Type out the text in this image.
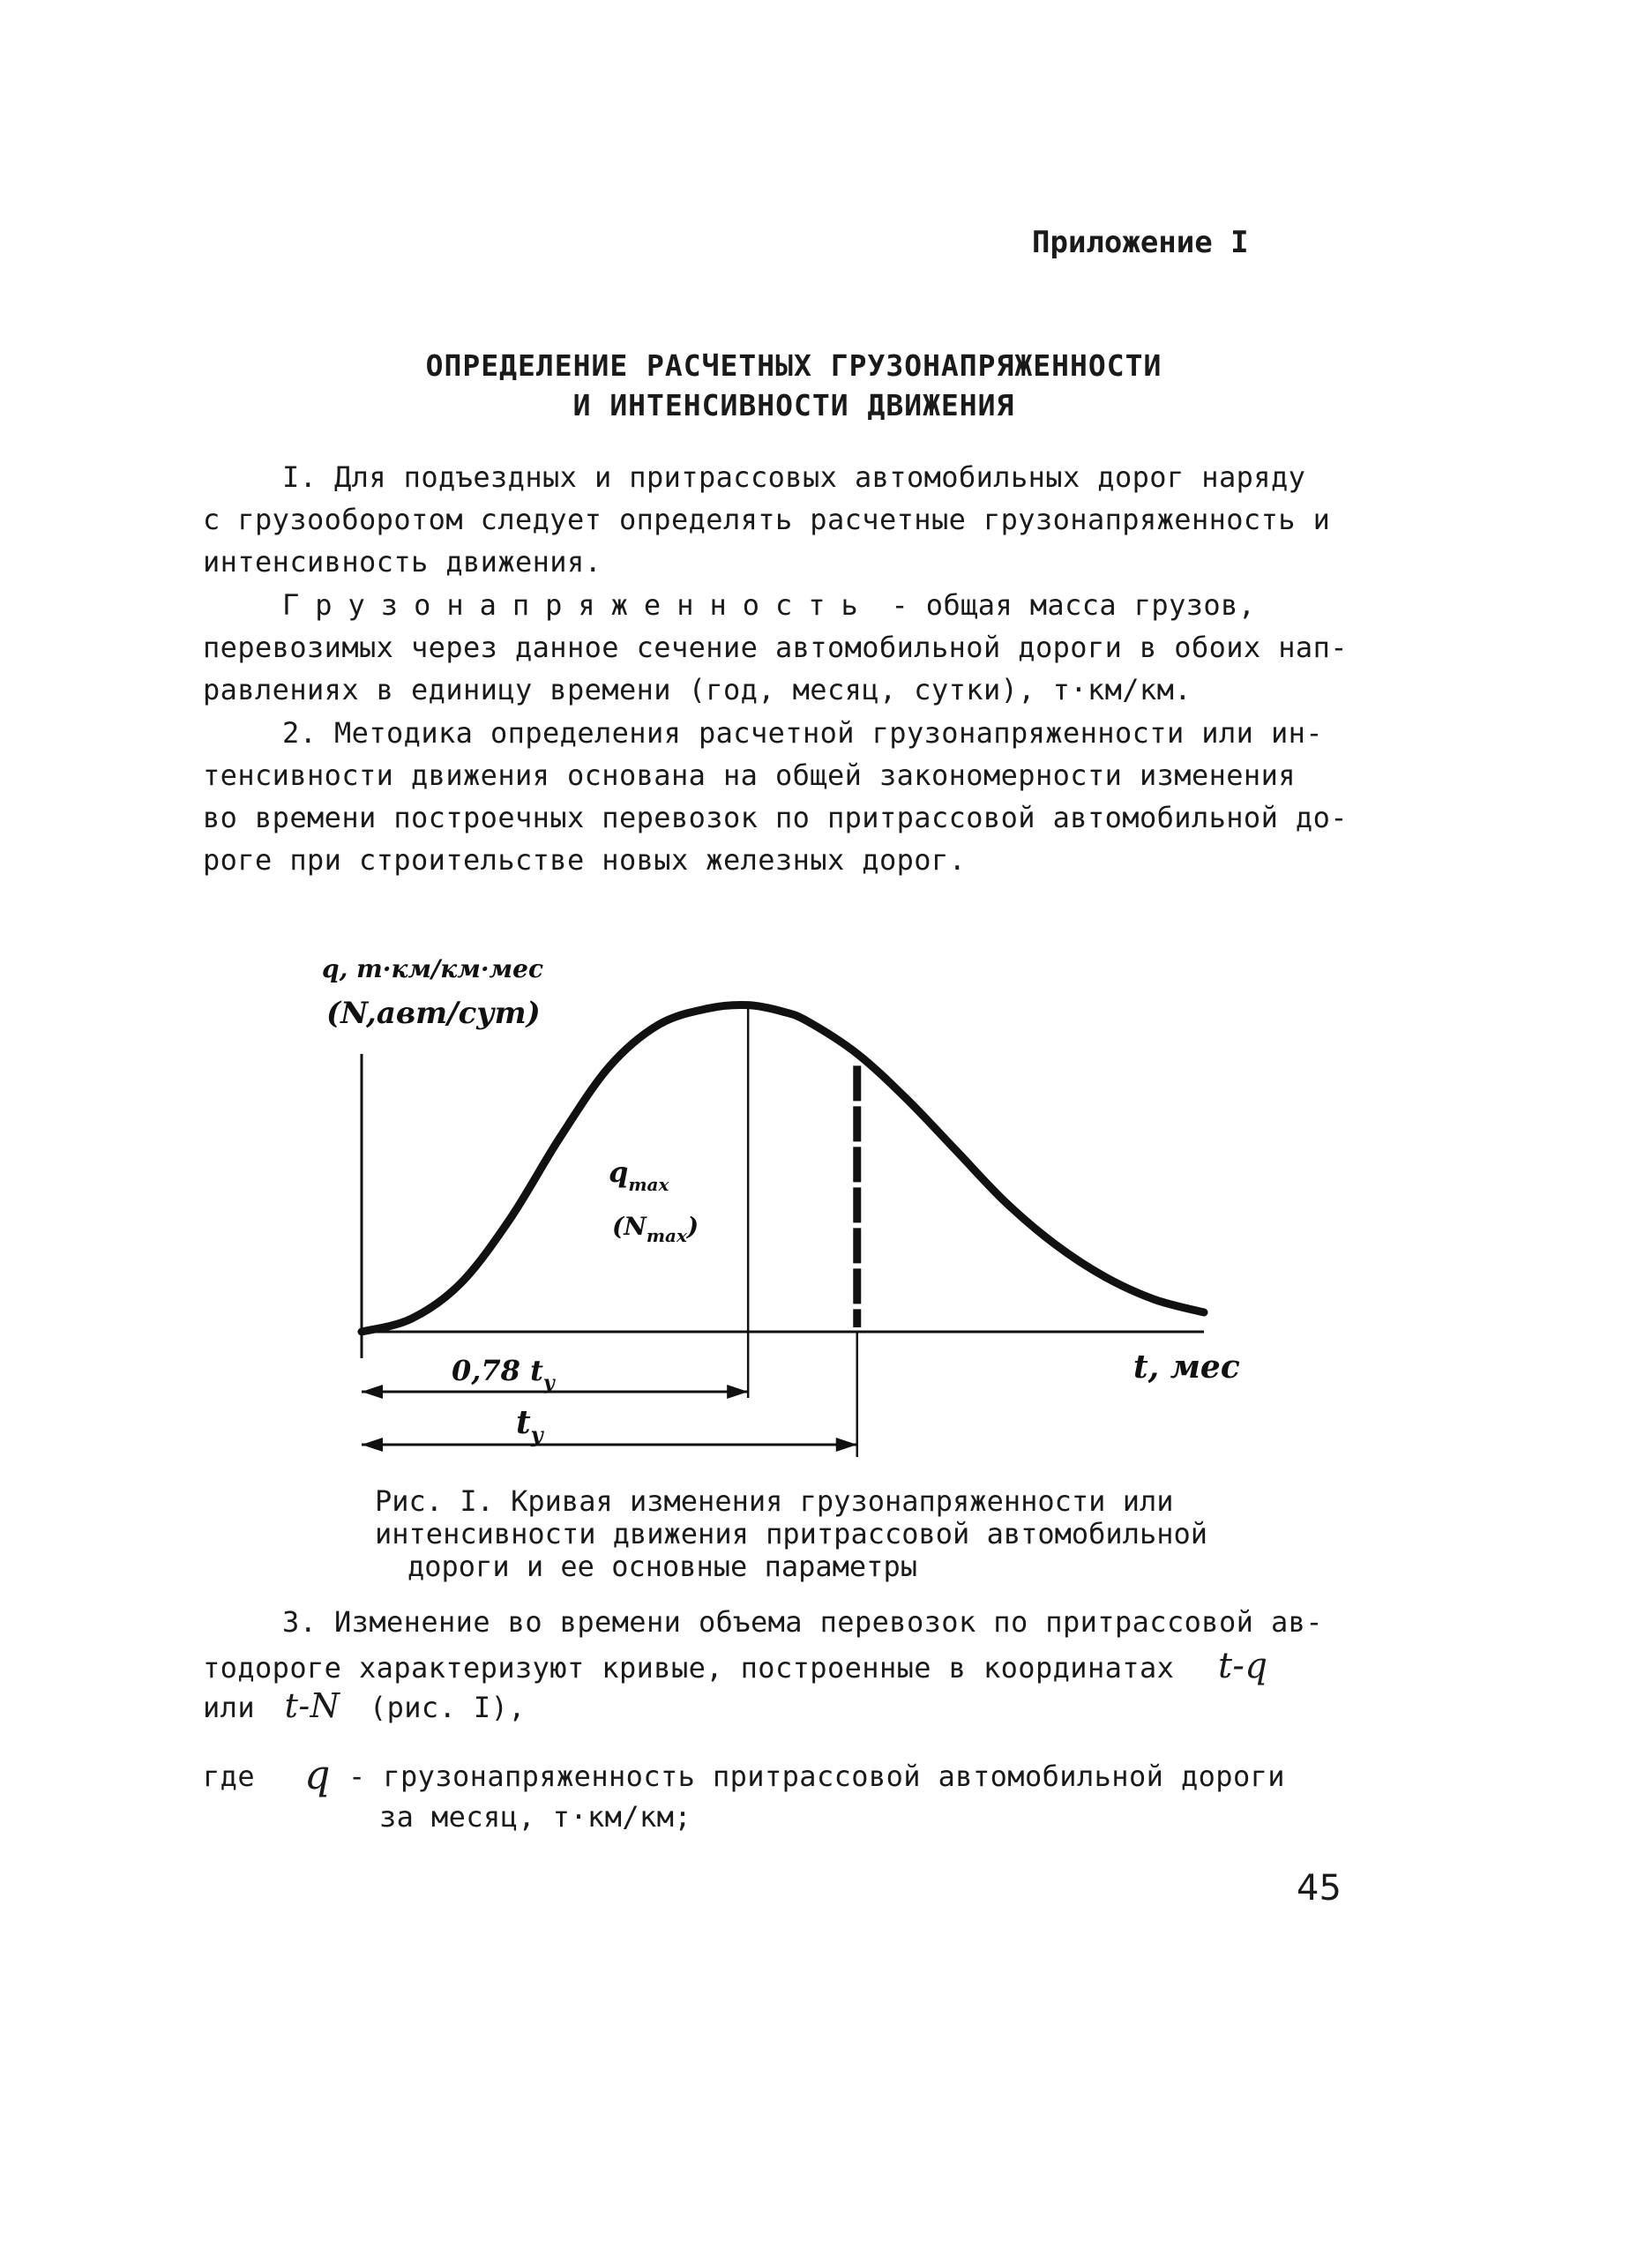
Приложение I
ОПРЕДЕЛЕНИЕ РАСЧЕТНЫХ ГРУЗОНАПРЯЖЕННОСТИ
И ИНТЕНСИВНОСТИ ДВИЖЕНИЯ
I. Для подъездных и притрассовых автомобильных дорог наряду
с грузооборотом следует определять расчетные грузонапряженность и
интенсивность движения.
Грузонапряженность - общая масса грузов,
перевозимых через данное сечение автомобильной дороги в обоих нап-
равлениях в единицу времени (год, месяц, сутки), т·км/км.
2. Методика определения расчетной грузонапряженности или ин-
тенсивности движения основана на общей закономерности изменения
во времени построечных перевозок по притрассовой автомобильной до-
роге при строительстве новых железных дорог.
q, т·км/км·мес
(N,авт/сут)
t, мес
$q_{max}$
$(N_{max})$
0,78 $t_у$
$t_у$
Рис. I. Кривая изменения грузонапряженности или
интенсивности движения притрассовой автомобильной
дороги и ее основные параметры
3. Изменение во времени объема перевозок по притрассовой ав-
тодороге характеризуют кривые, построенные в координатах t-q
или t-N (рис. I),
где q - грузонапряженность притрассовой автомобильной дороги
за месяц, т·км/км;
45
